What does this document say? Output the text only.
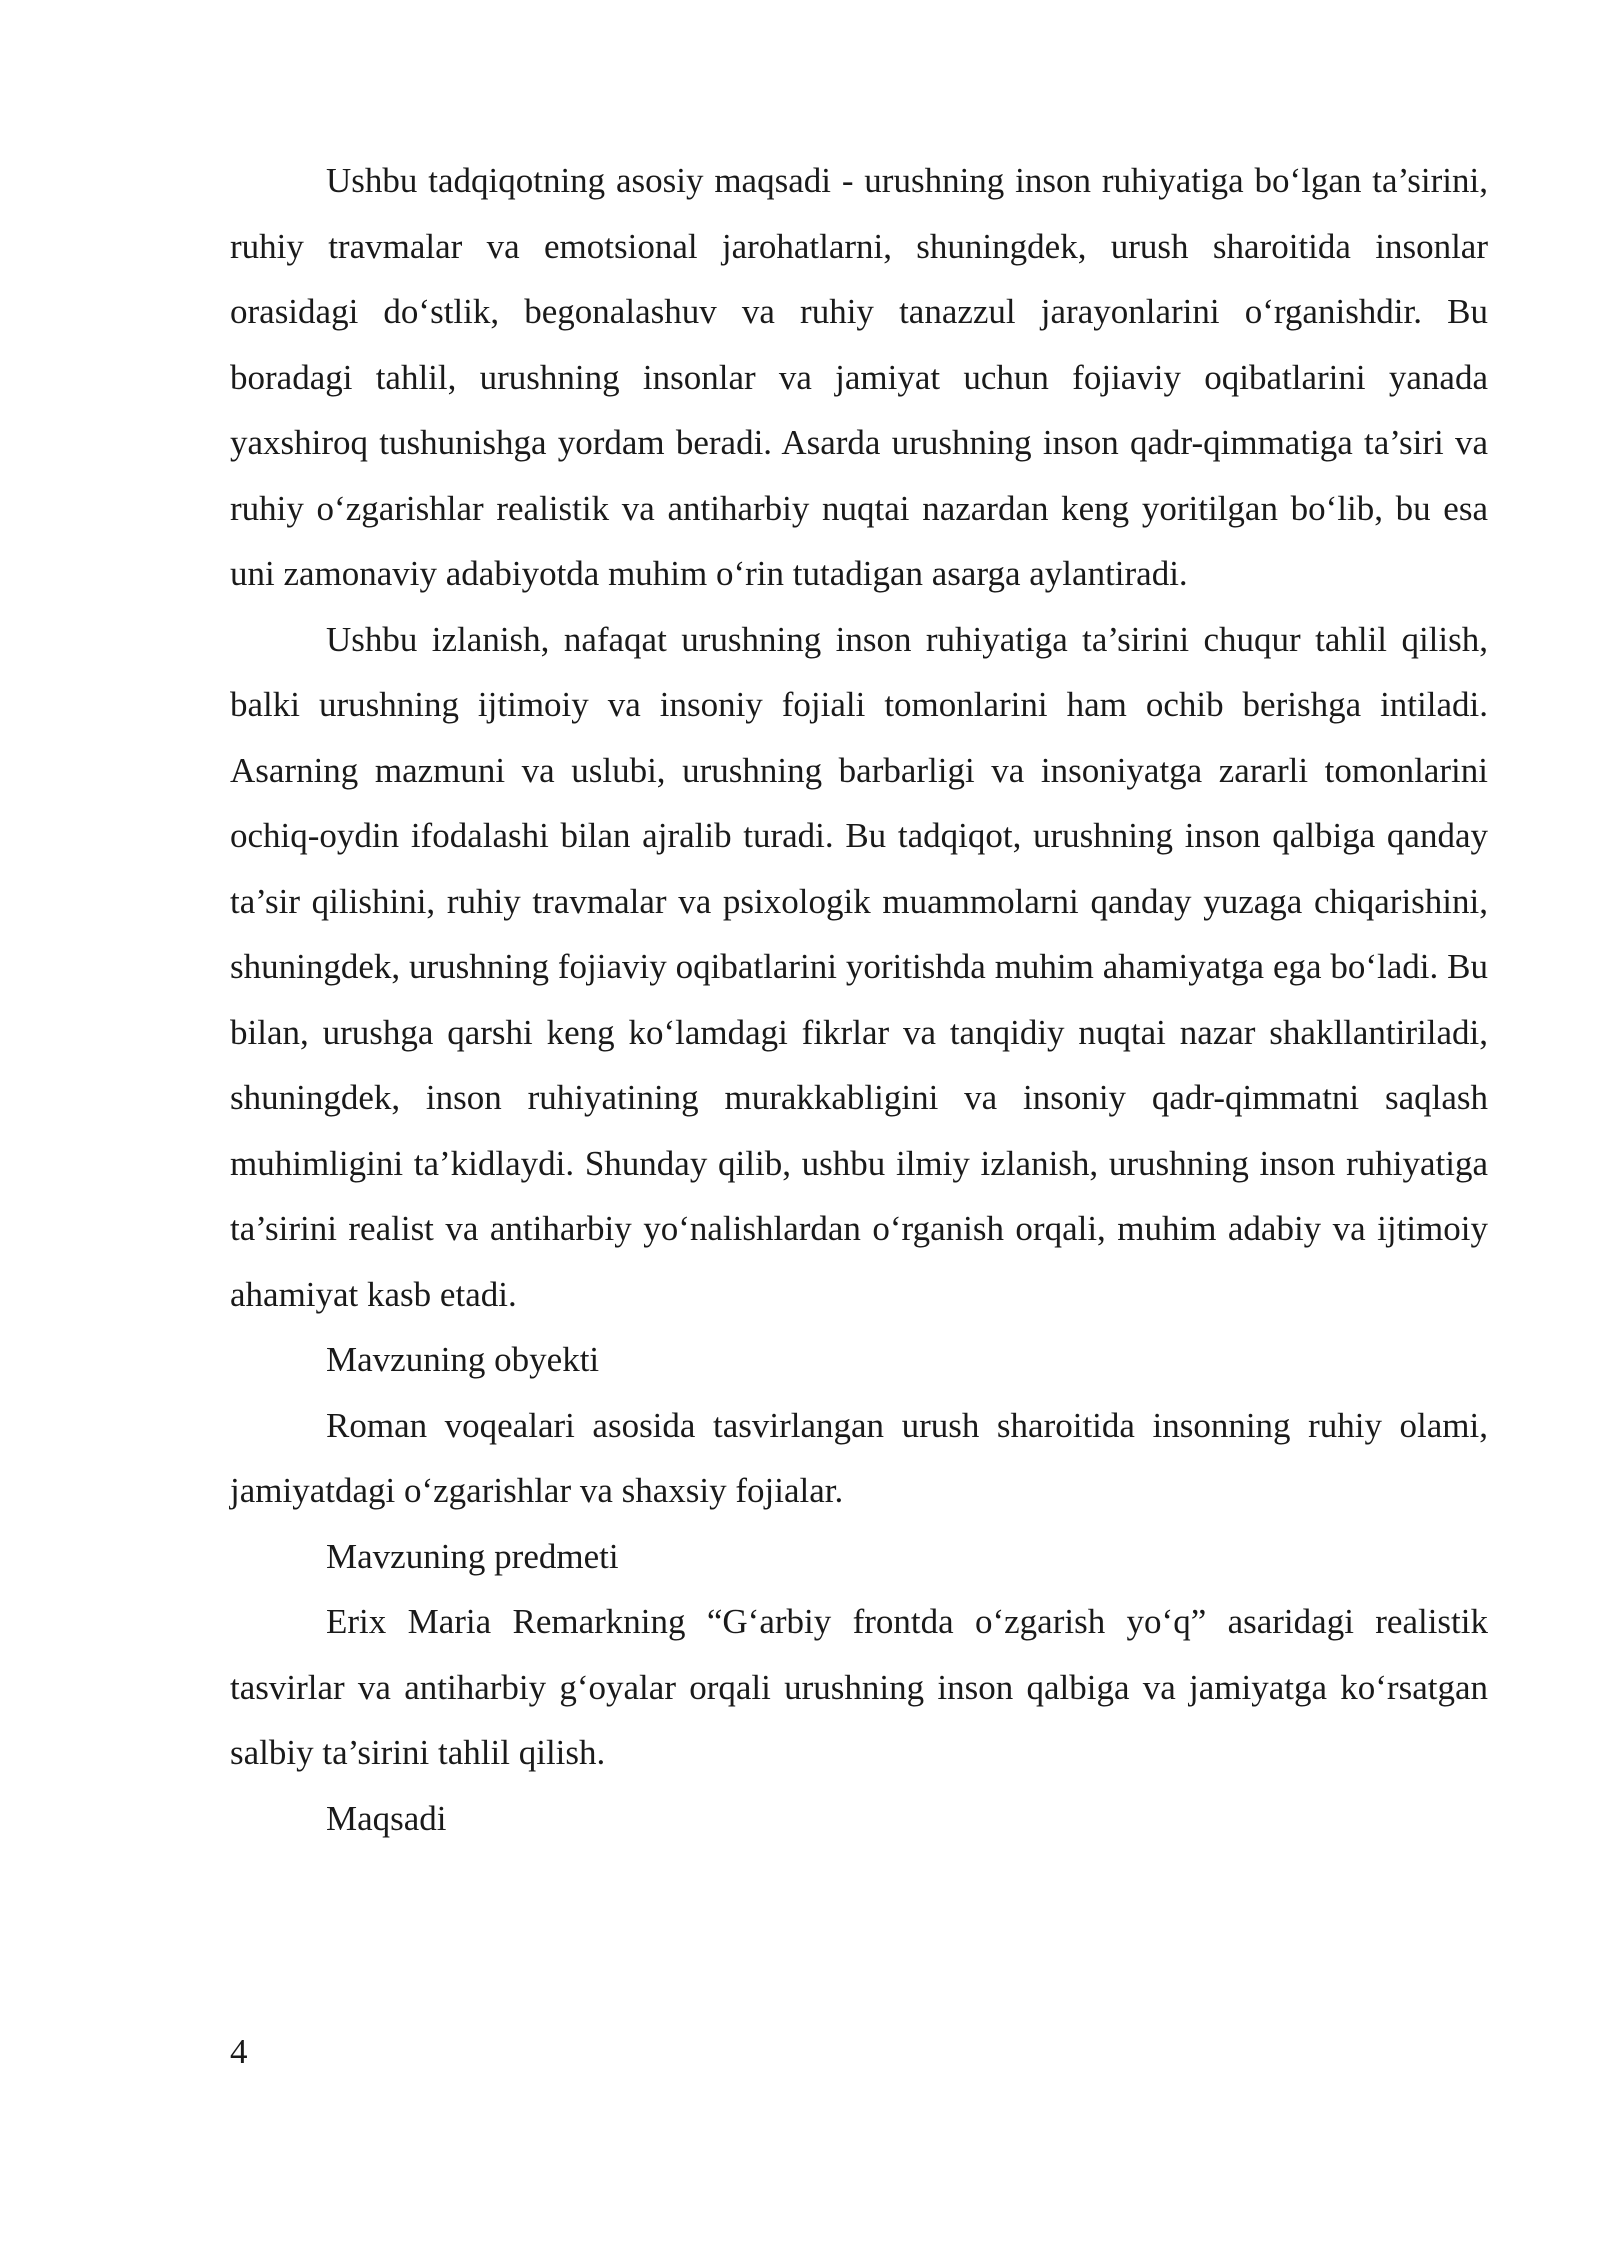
Ushbu tadqiqotning asosiy maqsadi - urushning inson ruhiyatiga bo‘lgan ta’sirini, ruhiy travmalar va emotsional jarohatlarni, shuningdek, urush sharoitida insonlar orasidagi do‘stlik, begonalashuv va ruhiy tanazzul jarayonlarini o‘rganishdir. Bu boradagi tahlil, urushning insonlar va jamiyat uchun fojiaviy oqibatlarini yanada yaxshiroq tushunishga yordam beradi. Asarda urushning inson qadr-qimmatiga ta’siri va ruhiy o‘zgarishlar realistik va antiharbiy nuqtai nazardan keng yoritilgan bo‘lib, bu esa uni zamonaviy adabiyotda muhim o‘rin tutadigan asarga aylantiradi.

Ushbu izlanish, nafaqat urushning inson ruhiyatiga ta’sirini chuqur tahlil qilish, balki urushning ijtimoiy va insoniy fojiali tomonlarini ham ochib berishga intiladi. Asarning mazmuni va uslubi, urushning barbarligi va insoniyatga zararli tomonlarini ochiq-oydin ifodalashi bilan ajralib turadi. Bu tadqiqot, urushning inson qalbiga qanday ta’sir qilishini, ruhiy travmalar va psixologik muammolarni qanday yuzaga chiqarishini, shuningdek, urushning fojiaviy oqibatlarini yoritishda muhim ahamiyatga ega bo‘ladi. Bu bilan, urushga qarshi keng ko‘lamdagi fikrlar va tanqidiy nuqtai nazar shakllantiriladi, shuningdek, inson ruhiyatining murakkabligini va insoniy qadr-qimmatni saqlash muhimligini ta’kidlaydi. Shunday qilib, ushbu ilmiy izlanish, urushning inson ruhiyatiga ta’sirini realist va antiharbiy yo‘nalishlardan o‘rganish orqali, muhim adabiy va ijtimoiy ahamiyat kasb etadi.

Mavzuning obyekti

Roman voqealari asosida tasvirlangan urush sharoitida insonning ruhiy olami, jamiyatdagi o‘zgarishlar va shaxsiy fojialar.

Mavzuning predmeti

Erix Maria Remarkning “G‘arbiy frontda o‘zgarish yo‘q” asaridagi realistik tasvirlar va antiharbiy g‘oyalar orqali urushning inson qalbiga va jamiyatga ko‘rsatgan salbiy ta’sirini tahlil qilish.

Maqsadi

4
